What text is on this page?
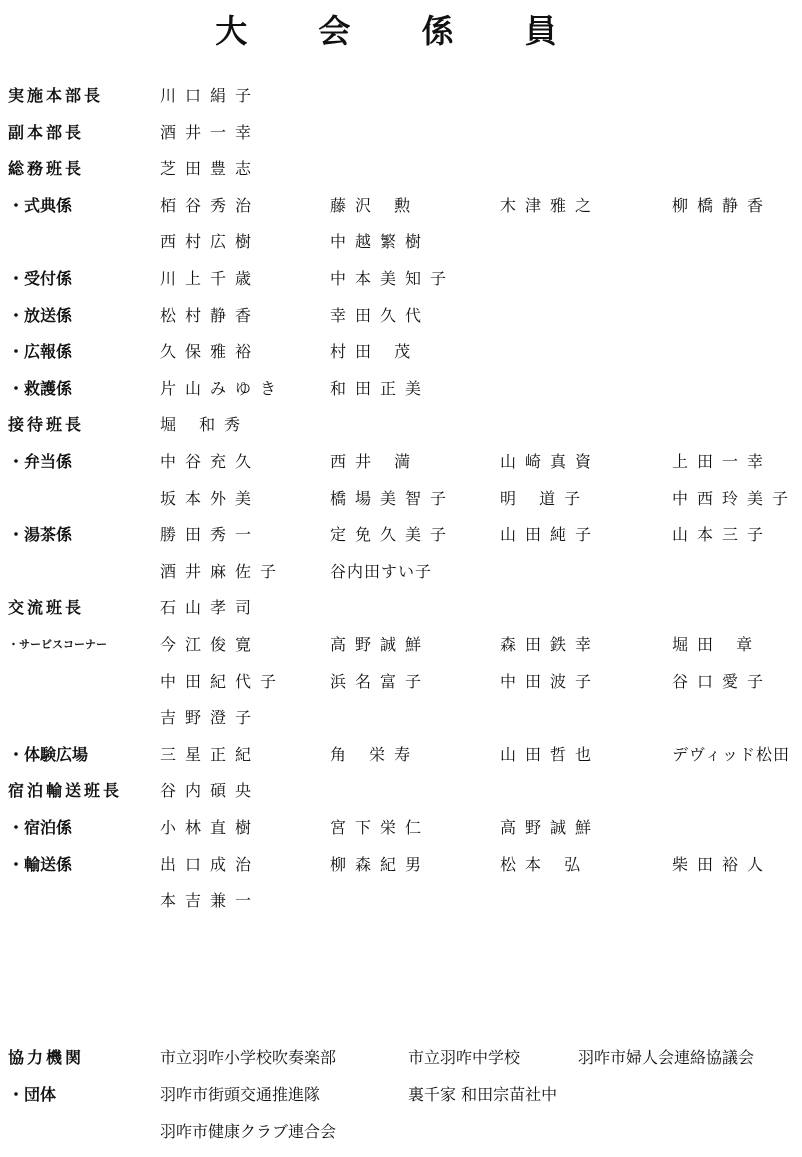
大 会 係 員
実施本部長	川口絹子
副本部長	酒井一幸
総務班長	芝田豊志
・式典係	栢谷秀治	藤沢 勲	木津雅之	柳橋静香
西村広樹	中越繁樹
・受付係	川上千歳	中本美知子
・放送係	松村静香	幸田久代
・広報係	久保雅裕	村田 茂
・救護係	片山みゆき	和田正美
接待班長	堀 和秀
・弁当係	中谷充久	西井 満	山崎真資	上田一幸
坂本外美	橋場美智子	明 道子	中西玲美子
・湯茶係	勝田秀一	定免久美子	山田純子	山本三子
酒井麻佐子	谷内田すい子
交流班長	石山孝司
・サービスコーナー	今江俊寛	高野誠鮮	森田鉄幸	堀田 章
中田紀代子	浜名富子	中田波子	谷口愛子
吉野澄子
・体験広場	三星正紀	角 栄寿	山田哲也	デヴィッド松田
宿泊輸送班長 谷内碩央
・宿泊係	小林直樹	宮下栄仁	高野誠鮮
・輸送係	出口成治	柳森紀男	松本 弘	柴田裕人
本吉兼一
協力機関	市立羽咋小学校吹奏楽部	市立羽咋中学校	羽咋市婦人会連絡協議会
・団体	羽咋市街頭交通推進隊	裏千家 和田宗苗社中
羽咋市健康クラブ連合会
